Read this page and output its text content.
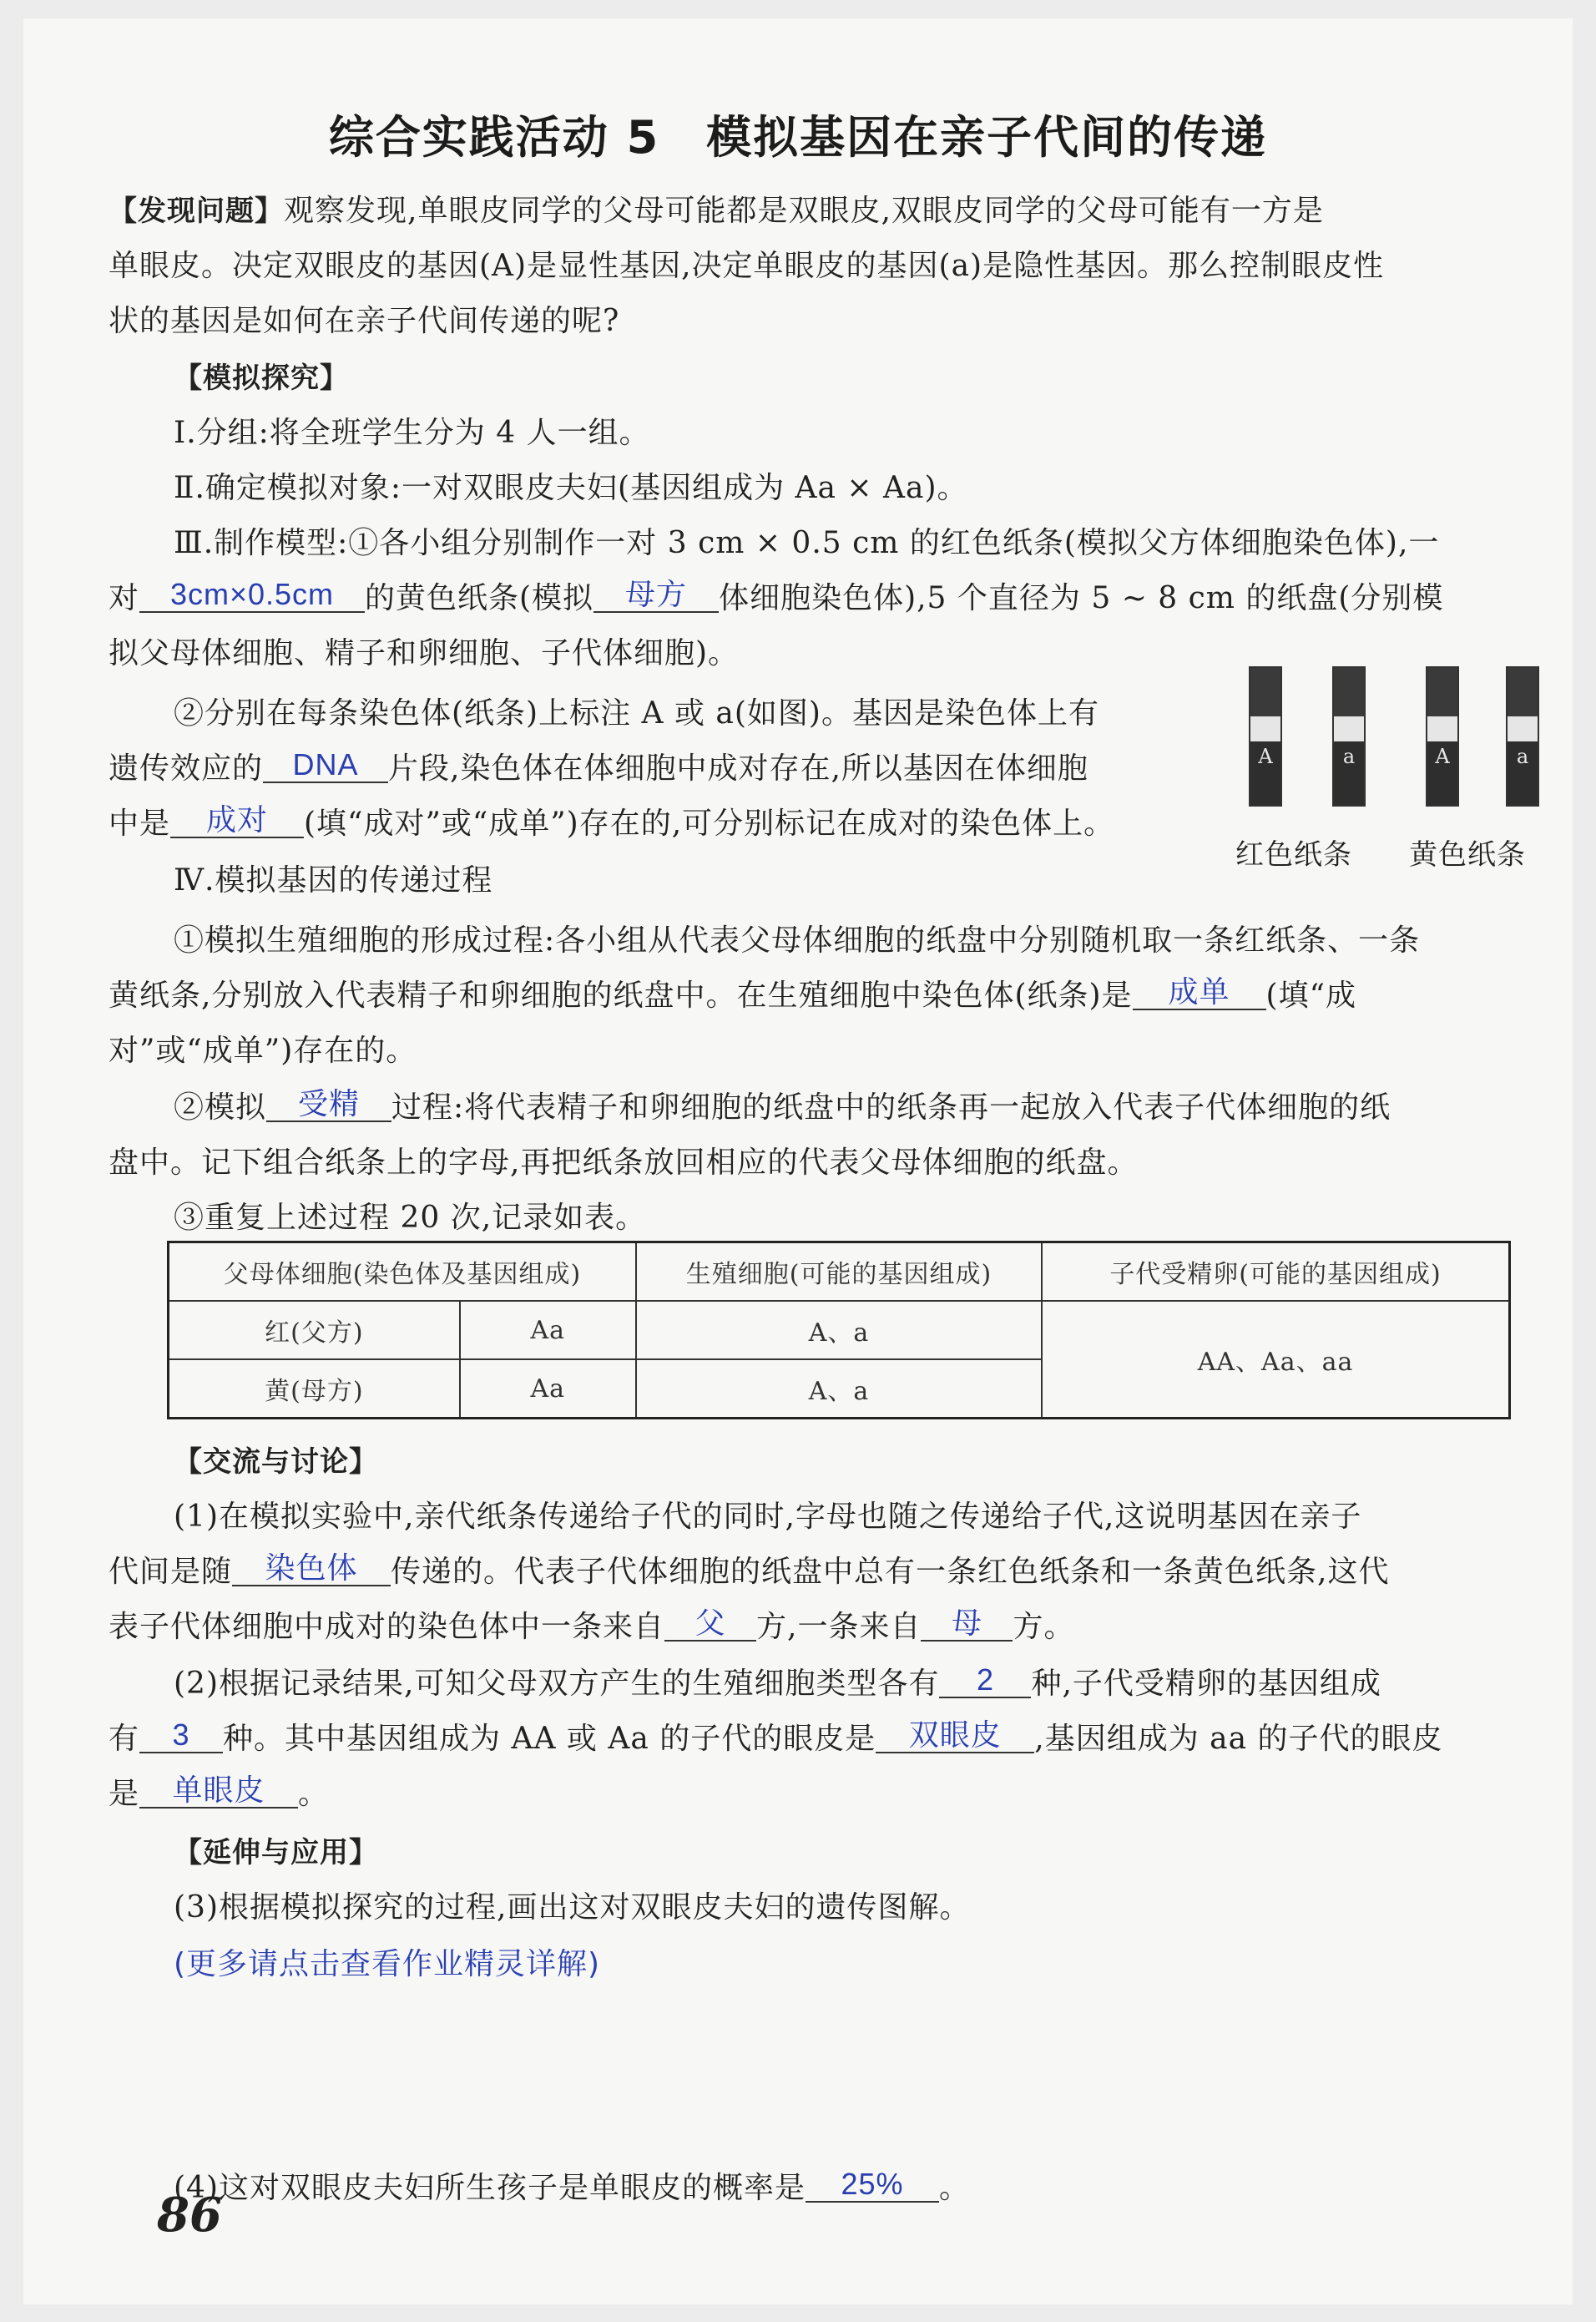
综合实践活动 5　模拟基因在亲子代间的传递
【发现问题】观察发现,单眼皮同学的父母可能都是双眼皮,双眼皮同学的父母可能有一方是
单眼皮。决定双眼皮的基因(A)是显性基因,决定单眼皮的基因(a)是隐性基因。那么控制眼皮性
状的基因是如何在亲子代间传递的呢?
【模拟探究】
Ⅰ.分组:将全班学生分为 4 人一组。
Ⅱ.确定模拟对象:一对双眼皮夫妇(基因组成为 Aa × Aa)。
Ⅲ.制作模型:①各小组分别制作一对 3 cm × 0.5 cm 的红色纸条(模拟父方体细胞染色体),一
对 3cm×0.5cm 的黄色纸条(模拟 母方 体细胞染色体),5 个直径为 5 ~ 8 cm 的纸盘(分别模
拟父母体细胞、精子和卵细胞、子代体细胞)。
②分别在每条染色体(纸条)上标注 A 或 a(如图)。基因是染色体上有
遗传效应的 DNA 片段,染色体在体细胞中成对存在,所以基因在体细胞
中是 成对 (填“成对”或“成单”)存在的,可分别标记在成对的染色体上。
A	a	A	a
红色纸条 黄色纸条
Ⅳ.模拟基因的传递过程
①模拟生殖细胞的形成过程:各小组从代表父母体细胞的纸盘中分别随机取一条红纸条、一条
黄纸条,分别放入代表精子和卵细胞的纸盘中。在生殖细胞中染色体(纸条)是 成单 (填“成
对”或“成单”)存在的。
②模拟 受精 过程:将代表精子和卵细胞的纸盘中的纸条再一起放入代表子代体细胞的纸
盘中。记下组合纸条上的字母,再把纸条放回相应的代表父母体细胞的纸盘。
③重复上述过程 20 次,记录如表。
父母体细胞(染色体及基因组成)		生殖细胞(可能的基因组成)	子代受精卵(可能的基因组成)
红(父方)	Aa	A、a	AA、Aa、aa
黄(母方)	Aa	A、a	
【交流与讨论】
(1)在模拟实验中,亲代纸条传递给子代的同时,字母也随之传递给子代,这说明基因在亲子
代间是随 染色体 传递的。代表子代体细胞的纸盘中总有一条红色纸条和一条黄色纸条,这代
表子代体细胞中成对的染色体中一条来自 父 方,一条来自 母 方。
(2)根据记录结果,可知父母双方产生的生殖细胞类型各有 2 种,子代受精卵的基因组成
有 3 种。其中基因组成为 AA 或 Aa 的子代的眼皮是 双眼皮 ,基因组成为 aa 的子代的眼皮
是 单眼皮 。
【延伸与应用】
(3)根据模拟探究的过程,画出这对双眼皮夫妇的遗传图解。
(更多请点击查看作业精灵详解)
(4)这对双眼皮夫妇所生孩子是单眼皮的概率是 25% 。
86
